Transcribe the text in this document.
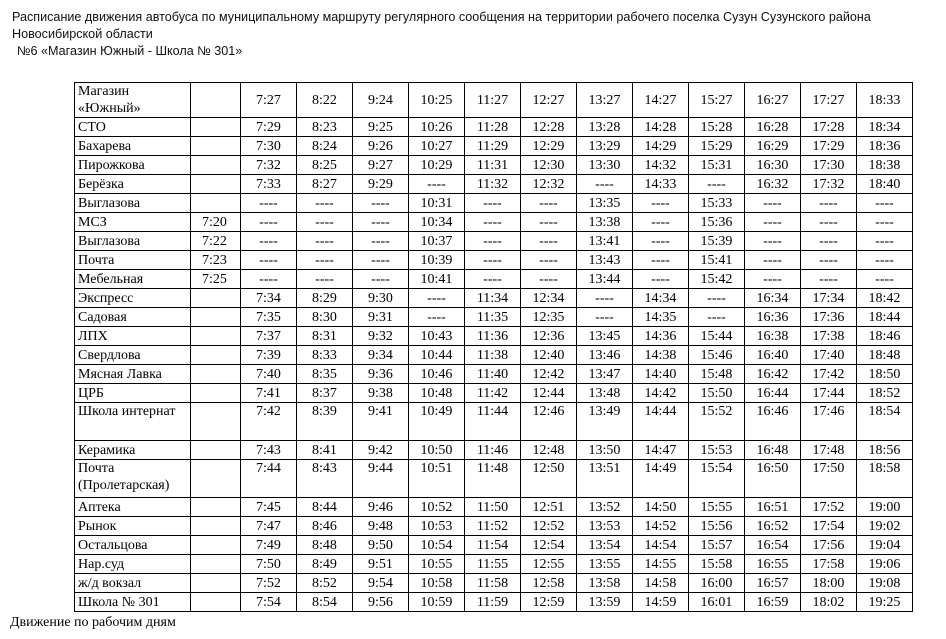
Расписание движения автобуса по муниципальному маршруту регулярного сообщения на территории рабочего поселка Сузун Сузунского района
Новосибирской области
№6 «Магазин Южный - Школа № 301»
Магазин «Южный»		7:27	8:22	9:24	10:25	11:27	12:27	13:27	14:27	15:27	16:27	17:27	18:33
СТО		7:29	8:23	9:25	10:26	11:28	12:28	13:28	14:28	15:28	16:28	17:28	18:34
Бахарева		7:30	8:24	9:26	10:27	11:29	12:29	13:29	14:29	15:29	16:29	17:29	18:36
Пирожкова		7:32	8:25	9:27	10:29	11:31	12:30	13:30	14:32	15:31	16:30	17:30	18:38
Берёзка		7:33	8:27	9:29	----	11:32	12:32	----	14:33	----	16:32	17:32	18:40
Выглазова		----	----	----	10:31	----	----	13:35	----	15:33	----	----	----
МСЗ	7:20	----	----	----	10:34	----	----	13:38	----	15:36	----	----	----
Выглазова	7:22	----	----	----	10:37	----	----	13:41	----	15:39	----	----	----
Почта	7:23	----	----	----	10:39	----	----	13:43	----	15:41	----	----	----
Мебельная	7:25	----	----	----	10:41	----	----	13:44	----	15:42	----	----	----
Экспресс		7:34	8:29	9:30	----	11:34	12:34	----	14:34	----	16:34	17:34	18:42
Садовая		7:35	8:30	9:31	----	11:35	12:35	----	14:35	----	16:36	17:36	18:44
ЛПХ		7:37	8:31	9:32	10:43	11:36	12:36	13:45	14:36	15:44	16:38	17:38	18:46
Свердлова		7:39	8:33	9:34	10:44	11:38	12:40	13:46	14:38	15:46	16:40	17:40	18:48
Мясная Лавка		7:40	8:35	9:36	10:46	11:40	12:42	13:47	14:40	15:48	16:42	17:42	18:50
ЦРБ		7:41	8:37	9:38	10:48	11:42	12:44	13:48	14:42	15:50	16:44	17:44	18:52
Школа интернат		7:42	8:39	9:41	10:49	11:44	12:46	13:49	14:44	15:52	16:46	17:46	18:54
Керамика		7:43	8:41	9:42	10:50	11:46	12:48	13:50	14:47	15:53	16:48	17:48	18:56
Почта (Пролетарская)		7:44	8:43	9:44	10:51	11:48	12:50	13:51	14:49	15:54	16:50	17:50	18:58
Аптека		7:45	8:44	9:46	10:52	11:50	12:51	13:52	14:50	15:55	16:51	17:52	19:00
Рынок		7:47	8:46	9:48	10:53	11:52	12:52	13:53	14:52	15:56	16:52	17:54	19:02
Остальцова		7:49	8:48	9:50	10:54	11:54	12:54	13:54	14:54	15:57	16:54	17:56	19:04
Нар.суд		7:50	8:49	9:51	10:55	11:55	12:55	13:55	14:55	15:58	16:55	17:58	19:06
ж/д вокзал		7:52	8:52	9:54	10:58	11:58	12:58	13:58	14:58	16:00	16:57	18:00	19:08
Школа № 301		7:54	8:54	9:56	10:59	11:59	12:59	13:59	14:59	16:01	16:59	18:02	19:25
Движение по рабочим дням
